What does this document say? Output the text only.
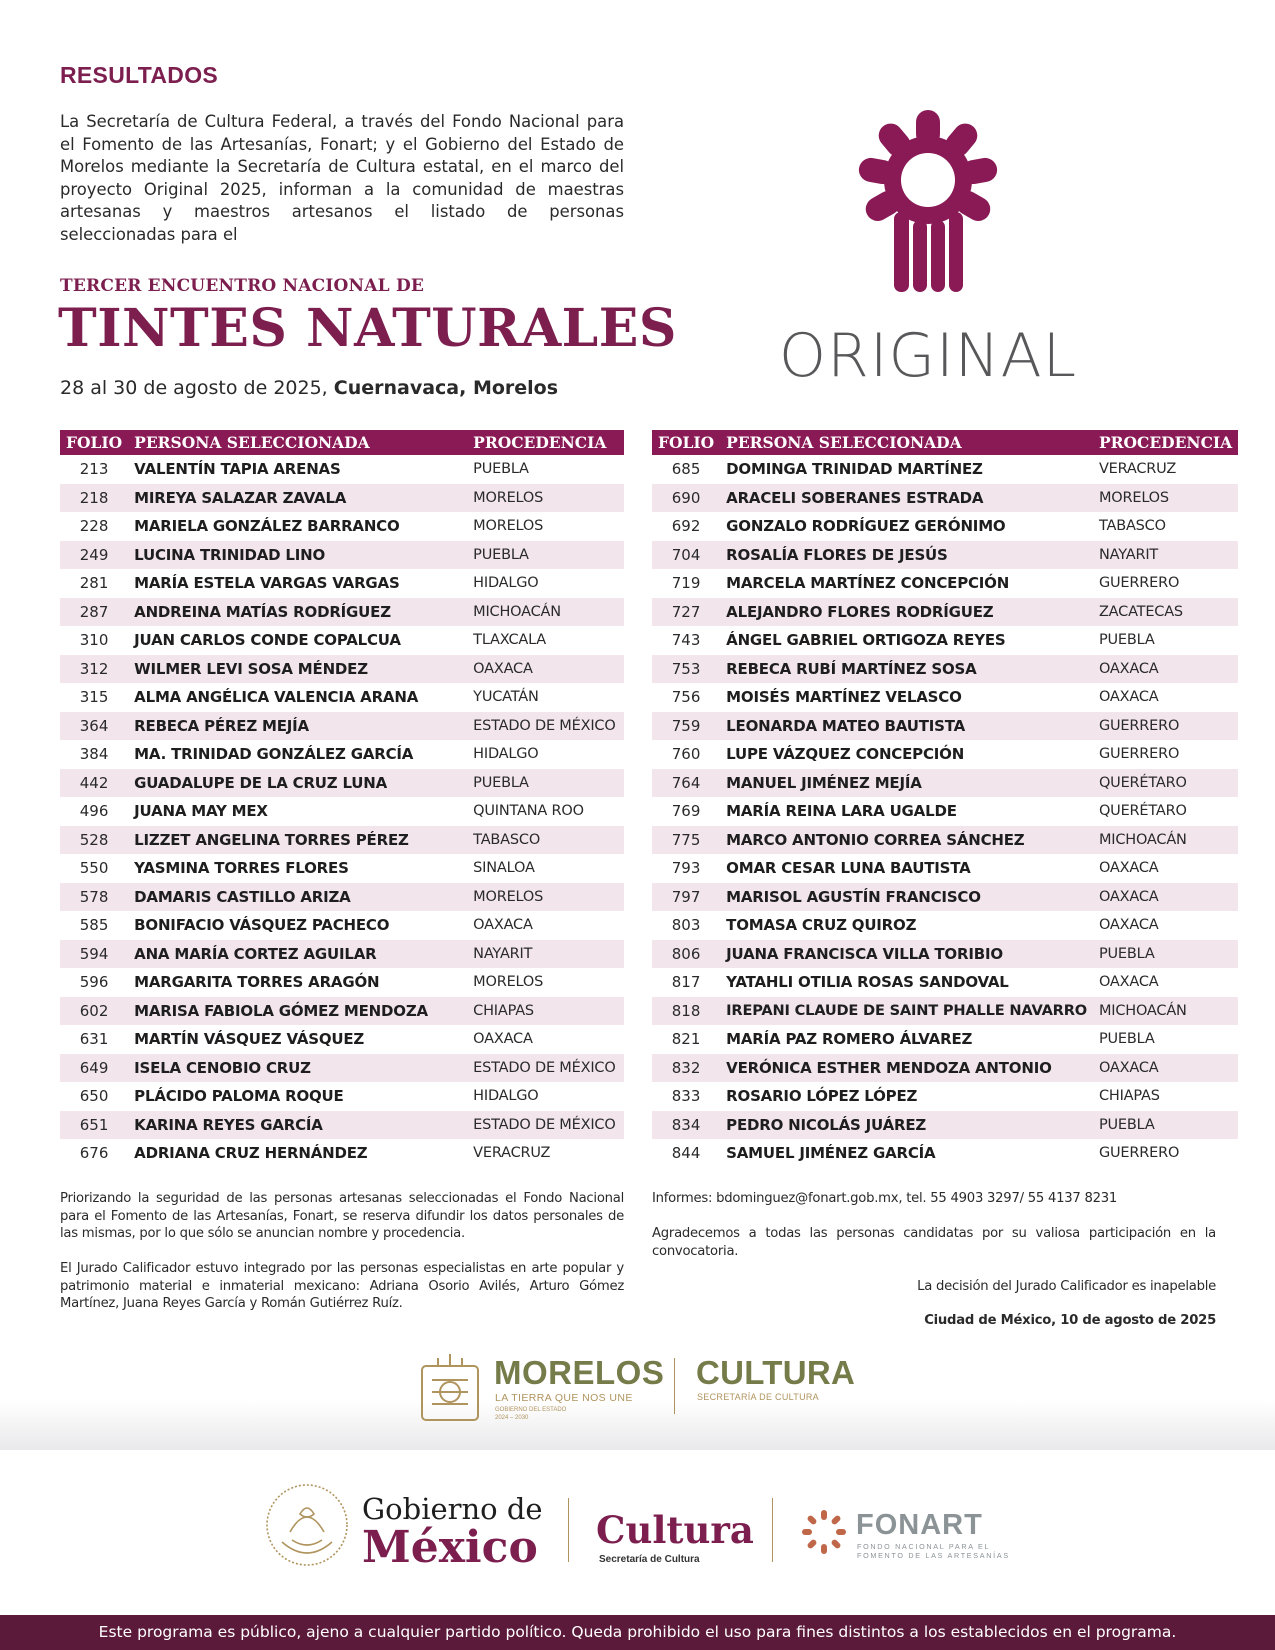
RESULTADOS
La Secretaría de Cultura Federal, a través del Fondo Nacional para el Fomento de las Artesanías, Fonart; y el Gobierno del Estado de Morelos mediante la Secretaría de Cultura estatal, en el marco del proyecto Original 2025, informan a la comunidad de maestras artesanas y maestros artesanos el listado de personas seleccionadas para el
TERCER ENCUENTRO NACIONAL DE
TINTES NATURALES
28 al 30 de agosto de 2025, Cuernavaca, Morelos	ORIGINAL
FOLIO	PERSONA SELECCIONADA	PROCEDENCIA
213	VALENTÍN TAPIA ARENAS	PUEBLA
218	MIREYA SALAZAR ZAVALA	MORELOS
228	MARIELA GONZÁLEZ BARRANCO	MORELOS
249	LUCINA TRINIDAD LINO	PUEBLA
281	MARÍA ESTELA VARGAS VARGAS	HIDALGO
287	ANDREINA MATÍAS RODRÍGUEZ	MICHOACÁN
310	JUAN CARLOS CONDE COPALCUA	TLAXCALA
312	WILMER LEVI SOSA MÉNDEZ	OAXACA
315	ALMA ANGÉLICA VALENCIA ARANA	YUCATÁN
364	REBECA PÉREZ MEJÍA	ESTADO DE MÉXICO
384	MA. TRINIDAD GONZÁLEZ GARCÍA	HIDALGO
442	GUADALUPE DE LA CRUZ LUNA	PUEBLA
496	JUANA MAY MEX	QUINTANA ROO
528	LIZZET ANGELINA TORRES PÉREZ	TABASCO
550	YASMINA TORRES FLORES	SINALOA
578	DAMARIS CASTILLO ARIZA	MORELOS
585	BONIFACIO VÁSQUEZ PACHECO	OAXACA
594	ANA MARÍA CORTEZ AGUILAR	NAYARIT
596	MARGARITA TORRES ARAGÓN	MORELOS
602	MARISA FABIOLA GÓMEZ MENDOZA	CHIAPAS
631	MARTÍN VÁSQUEZ VÁSQUEZ	OAXACA
649	ISELA CENOBIO CRUZ	ESTADO DE MÉXICO
650	PLÁCIDO PALOMA ROQUE	HIDALGO
651	KARINA REYES GARCÍA	ESTADO DE MÉXICO
676	ADRIANA CRUZ HERNÁNDEZ	VERACRUZ
FOLIO	PERSONA SELECCIONADA	PROCEDENCIA
685	DOMINGA TRINIDAD MARTÍNEZ	VERACRUZ
690	ARACELI SOBERANES ESTRADA	MORELOS
692	GONZALO RODRÍGUEZ GERÓNIMO	TABASCO
704	ROSALÍA FLORES DE JESÚS	NAYARIT
719	MARCELA MARTÍNEZ CONCEPCIÓN	GUERRERO
727	ALEJANDRO FLORES RODRÍGUEZ	ZACATECAS
743	ÁNGEL GABRIEL ORTIGOZA REYES	PUEBLA
753	REBECA RUBÍ MARTÍNEZ SOSA	OAXACA
756	MOISÉS MARTÍNEZ VELASCO	OAXACA
759	LEONARDA MATEO BAUTISTA	GUERRERO
760	LUPE VÁZQUEZ CONCEPCIÓN	GUERRERO
764	MANUEL JIMÉNEZ MEJÍA	QUERÉTARO
769	MARÍA REINA LARA UGALDE	QUERÉTARO
775	MARCO ANTONIO CORREA SÁNCHEZ	MICHOACÁN
793	OMAR CESAR LUNA BAUTISTA	OAXACA
797	MARISOL AGUSTÍN FRANCISCO	OAXACA
803	TOMASA CRUZ QUIROZ	OAXACA
806	JUANA FRANCISCA VILLA TORIBIO	PUEBLA
817	YATAHLI OTILIA ROSAS SANDOVAL	OAXACA
818	IREPANI CLAUDE DE SAINT PHALLE NAVARRO	MICHOACÁN
821	MARÍA PAZ ROMERO ÁLVAREZ	PUEBLA
832	VERÓNICA ESTHER MENDOZA ANTONIO	OAXACA
833	ROSARIO LÓPEZ LÓPEZ	CHIAPAS
834	PEDRO NICOLÁS JUÁREZ	PUEBLA
844	SAMUEL JIMÉNEZ GARCÍA	GUERRERO
Priorizando la seguridad de las personas artesanas seleccionadas el Fondo Nacional para el Fomento de las Artesanías, Fonart, se reserva difundir los datos personales de las mismas, por lo que sólo se anuncian nombre y procedencia.
El Jurado Calificador estuvo integrado por las personas especialistas en arte popular y patrimonio material e inmaterial mexicano: Adriana Osorio Avilés, Arturo Gómez Martínez, Juana Reyes García y Román Gutiérrez Ruíz.
Informes: bdominguez@fonart.gob.mx, tel. 55 4903 3297/ 55 4137 8231
Agradecemos a todas las personas candidatas por su valiosa participación en la convocatoria.
La decisión del Jurado Calificador es inapelable
Ciudad de México, 10 de agosto de 2025
MORELOS
LA TIERRA QUE NOS UNE
GOBIERNO DEL ESTADO
2024 – 2030
CULTURA
SECRETARÍA DE CULTURA
Gobierno de
México Cultura
Secretaría de Cultura
FONART
FONDO NACIONAL PARA EL
FOMENTO DE LAS ARTESANÍAS
Este programa es público, ajeno a cualquier partido político. Queda prohibido el uso para fines distintos a los establecidos en el programa.
